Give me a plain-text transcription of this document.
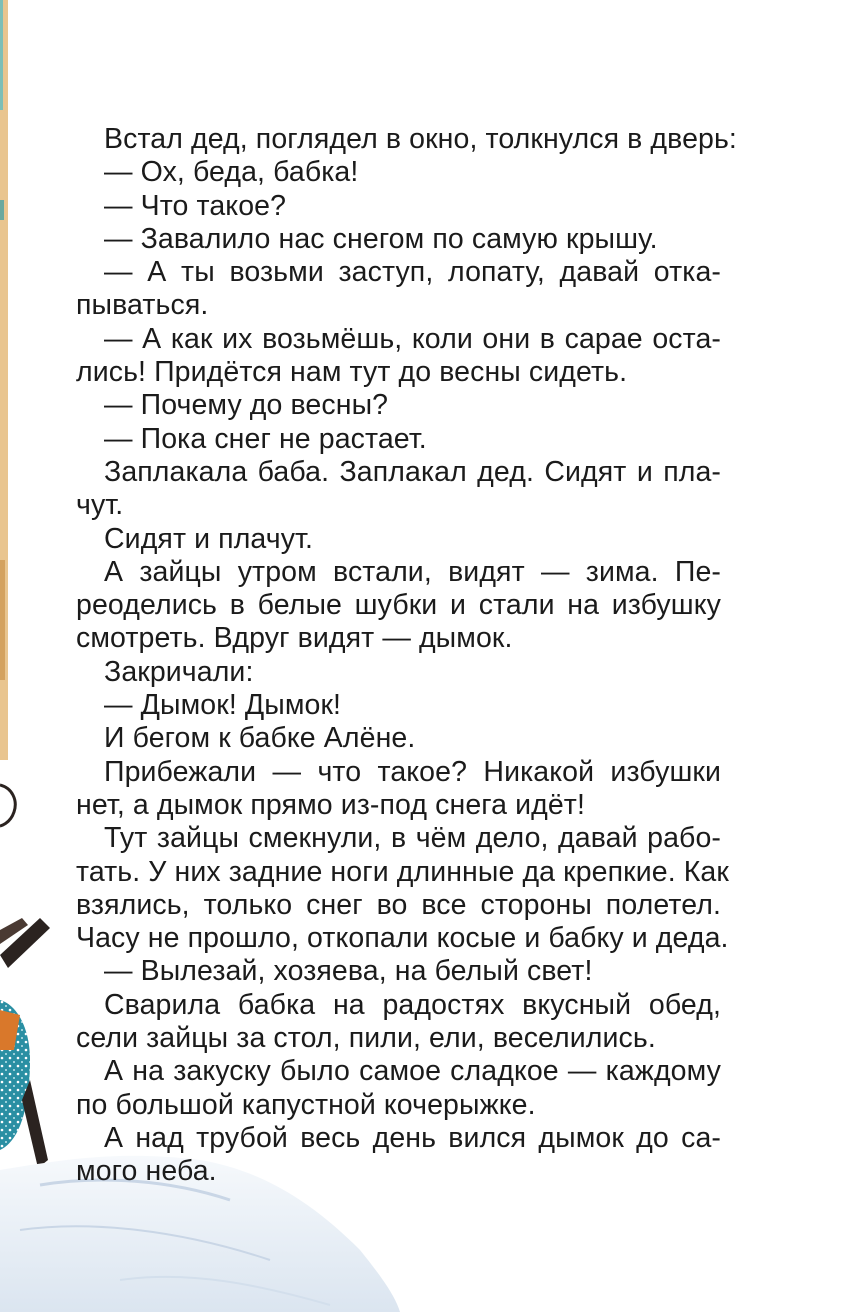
Встал дед, поглядел в окно, толкнулся в дверь:
— Ох, беда, бабка!
— Что такое?
— Завалило нас снегом по самую крышу.
— А ты возьми заступ, лопату, давай отка-
пываться.
— А как их возьмёшь, коли они в сарае оста-
лись! Придётся нам тут до весны сидеть.
— Почему до весны?
— Пока снег не растает.
Заплакала баба. Заплакал дед. Сидят и пла-
чут.
Сидят и плачут.
А зайцы утром встали, видят — зима. Пе-
реоделись в белые шубки и стали на избушку
смотреть. Вдруг видят — дымок.
Закричали:
— Дымок! Дымок!
И бегом к бабке Алёне.
Прибежали — что такое? Никакой избушки
нет, а дымок прямо из-под снега идёт!
Тут зайцы смекнули, в чём дело, давай рабо-
тать. У них задние ноги длинные да крепкие. Как
взялись, только снег во все стороны полетел.
Часу не прошло, откопали косые и бабку и деда.
— Вылезай, хозяева, на белый свет!
Сварила бабка на радостях вкусный обед,
сели зайцы за стол, пили, ели, веселились.
А на закуску было самое сладкое — каждому
по большой капустной кочерыжке.
А над трубой весь день вился дымок до са-
мого неба.
